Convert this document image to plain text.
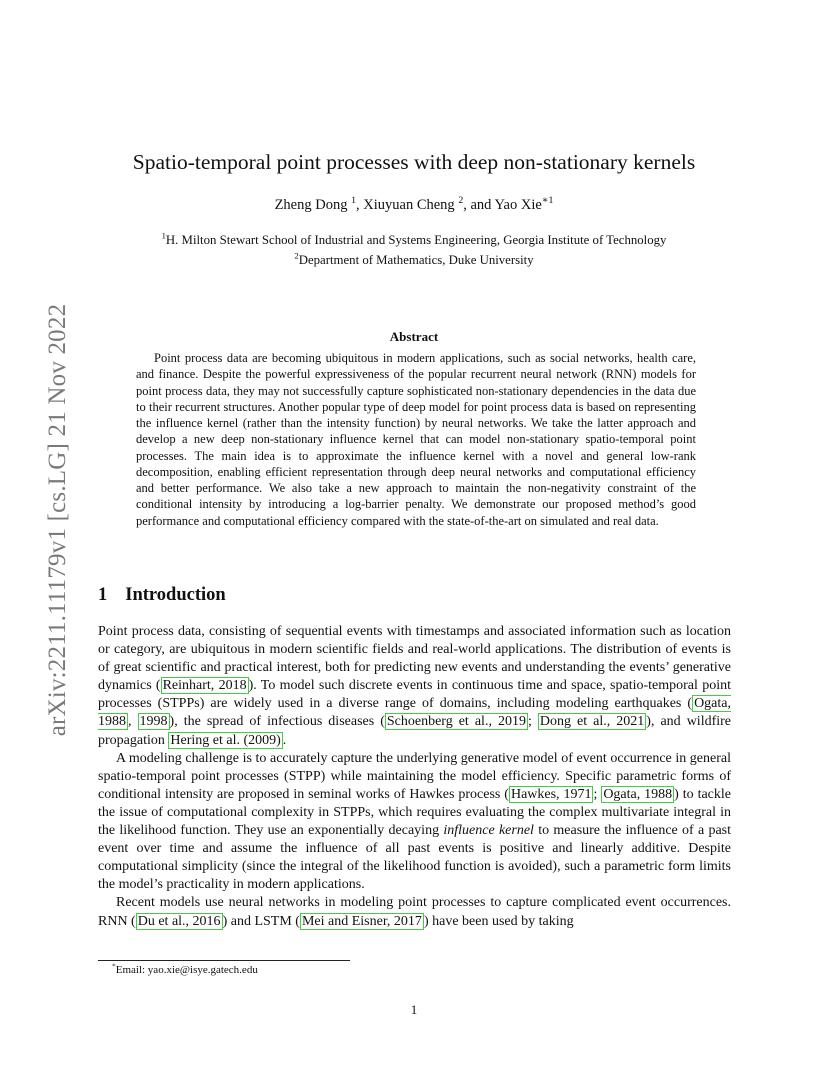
arXiv:2211.11179v1 [cs.LG] 21 Nov 2022
Spatio-temporal point processes with deep non-stationary kernels
Zheng Dong $^1$, Xiuyuan Cheng $^2$, and Yao Xie$^{∗1}$
$^1$H. Milton Stewart School of Industrial and Systems Engineering, Georgia Institute of Technology
$^2$Department of Mathematics, Duke University
Abstract

Point process data are becoming ubiquitous in modern applications, such as social networks, health care, and finance. Despite the powerful expressiveness of the popular recurrent neural network (RNN) models for point process data, they may not successfully capture sophisticated non-stationary dependencies in the data due to their recurrent structures. Another popular type of deep model for point process data is based on representing the influence kernel (rather than the intensity function) by neural networks. We take the latter approach and develop a new deep non-stationary influence kernel that can model non-stationary spatio-temporal point processes. The main idea is to approximate the influence kernel with a novel and general low-rank decomposition, enabling efficient representation through deep neural networks and computational efficiency and better performance. We also take a new approach to maintain the non-negativity constraint of the conditional intensity by introducing a log-barrier penalty. We demonstrate our proposed method’s good performance and computational efficiency compared with the state-of-the-art on simulated and real data.

1 Introduction

Point process data, consisting of sequential events with timestamps and associated information such as location or category, are ubiquitous in modern scientific fields and real-world applications. The distribution of events is of great scientific and practical interest, both for predicting new events and understanding the events’ generative dynamics ( Reinhart, 2018 ). To model such discrete events in continuous time and space, spatio-temporal point processes (STPPs) are widely used in a diverse range of domains, including modeling earthquakes ( Ogata, 1988 , 1998 ), the spread of infectious diseases ( Schoenberg et al., 2019 ; Dong et al., 2021 ), and wildfire propagation Hering et al. (2009) .

A modeling challenge is to accurately capture the underlying generative model of event occurrence in general spatio-temporal point processes (STPP) while maintaining the model efficiency. Specific parametric forms of conditional intensity are proposed in seminal works of Hawkes process ( Hawkes, 1971 ; Ogata, 1988 ) to tackle the issue of computational complexity in STPPs, which requires evaluating the complex multivariate integral in the likelihood function. They use an exponentially decaying influence kernel to measure the influence of a past event over time and assume the influence of all past events is positive and linearly additive. Despite computational simplicity (since the integral of the likelihood function is avoided), such a parametric form limits the model’s practicality in modern applications.

Recent models use neural networks in modeling point processes to capture complicated event occurrences. RNN ( Du et al., 2016 ) and LSTM ( Mei and Eisner, 2017 ) have been used by taking

*Email: yao.xie@isye.gatech.edu
1
